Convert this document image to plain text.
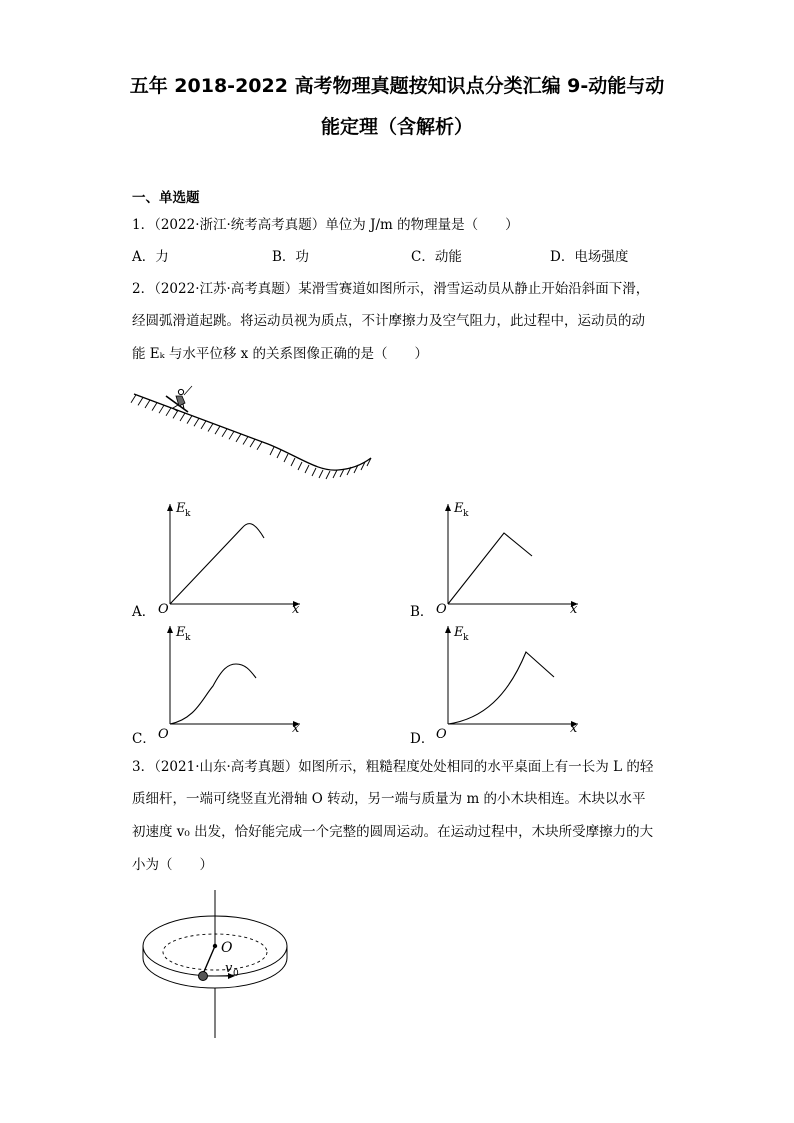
五年 2018-2022 高考物理真题按知识点分类汇编 9-动能与动
能定理（含解析）
一、单选题
1．（2022·浙江·统考高考真题）单位为 J/m 的物理量是（　　）
A．力	B．功	C．动能	D．电场强度
2．（2022·江苏·高考真题）某滑雪赛道如图所示，滑雪运动员从静止开始沿斜面下滑，
经圆弧滑道起跳。将运动员视为质点，不计摩擦力及空气阻力，此过程中，运动员的动
能 Eₖ 与水平位移 x 的关系图像正确的是（　　）
E k
O	x
A．
E k
O	x
B．
E k
O	x
C．
E k
O	x
D．
3．（2021·山东·高考真题）如图所示，粗糙程度处处相同的水平桌面上有一长为 L 的轻
质细杆，一端可绕竖直光滑轴 O 转动，另一端与质量为 m 的小木块相连。木块以水平
初速度 v₀ 出发，恰好能完成一个完整的圆周运动。在运动过程中，木块所受摩擦力的大
小为（　　）
O
v 0
